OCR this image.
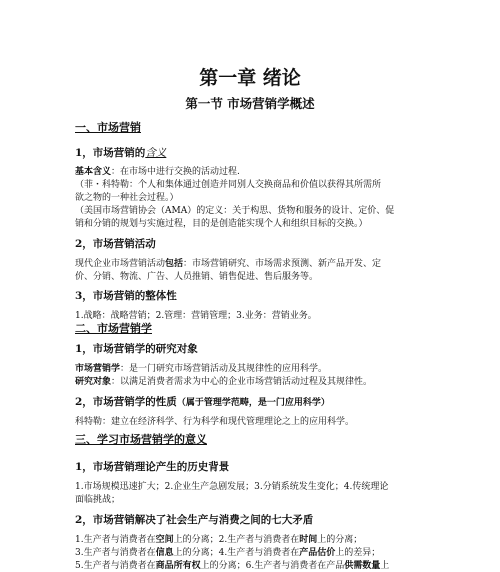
第一章 绪论
第一节 市场营销学概述
一、市场营销
1，市场营销的含义
基本含义：在市场中进行交换的活动过程.
（菲・科特勒：个人和集体通过创造并同别人交换商品和价值以获得其所需所
欲之物的一种社会过程。）
（美国市场营销协会（AMA）的定义：关于构思、货物和服务的设计、定价、促
销和分销的规划与实施过程，目的是创造能实现个人和组织目标的交换。）
2，市场营销活动
现代企业市场营销活动包括：市场营销研究、市场需求预测、新产品开发、定
价、分销、物流、广告、人员推销、销售促进、售后服务等。
3，市场营销的整体性
1.战略：战略营销；2.管理：营销管理；3.业务：营销业务。
二、市场营销学
1，市场营销学的研究对象
市场营销学：是一门研究市场营销活动及其规律性的应用科学。
研究对象：以满足消费者需求为中心的企业市场营销活动过程及其规律性。
2，市场营销学的性质（属于管理学范畴，是一门应用科学）
科特勒：建立在经济科学、行为科学和现代管理理论之上的应用科学。
三、学习市场营销学的意义
1，市场营销理论产生的历史背景
1.市场规模迅速扩大；2.企业生产急剧发展；3.分销系统发生变化；4.传统理论
面临挑战；
2，市场营销解决了社会生产与消费之间的七大矛盾
1.生产者与消费者在空间上的分离；2.生产者与消费者在时间上的分离；
3.生产者与消费者在信息上的分离；4.生产者与消费者在产品估价上的差异；
5.生产者与消费者在商品所有权上的分离；6.生产者与消费者在产品供需数量上
